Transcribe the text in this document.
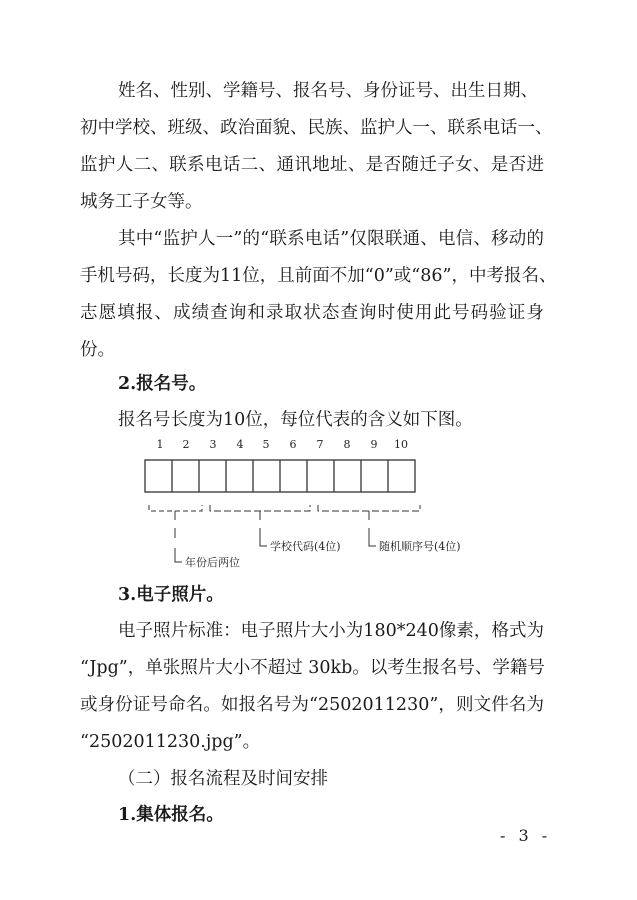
姓名、性别、学籍号、报名号、身份证号、出生日期、
初中学校、班级、政治面貌、民族、监护人一、联系电话一、
监护人二、联系电话二、通讯地址、是否随迁子女、是否进
城务工子女等。
其中“监护人一”的“联系电话”仅限联通、电信、移动的
手机号码，长度为11位，且前面不加“0”或“86”，中考报名、
志愿填报、成绩查询和录取状态查询时使用此号码验证身
份。
2.报名号。
报名号长度为10位，每位代表的含义如下图。
1 2 3 4 5 6 7 8 9 10
年份后两位
学校代码(4位)	随机顺序号(4位)
3.电子照片。
电子照片标准：电子照片大小为180*240像素，格式为
“Jpg”，单张照片大小不超过 30kb。以考生报名号、学籍号
或身份证号命名。如报名号为“2502011230”，则文件名为
“2502011230.jpg”。
（二）报名流程及时间安排
1.集体报名。
- 3 -
